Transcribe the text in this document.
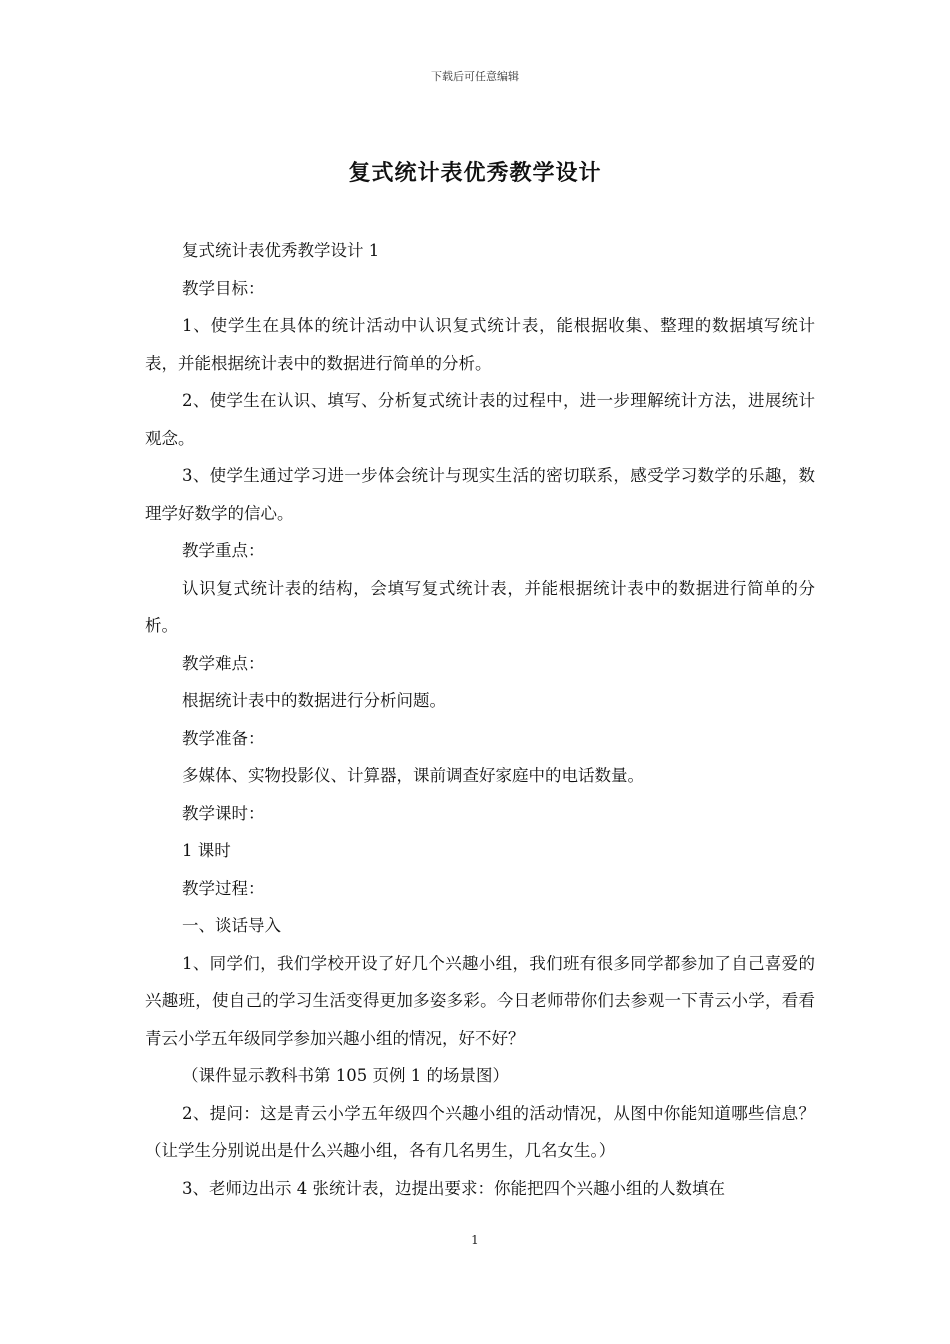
下载后可任意编辑
复式统计表优秀教学设计

复式统计表优秀教学设计 1

教学目标：

1、使学生在具体的统计活动中认识复式统计表，能根据收集、整理的数据填写统计表，并能根据统计表中的数据进行简单的分析。

2、使学生在认识、填写、分析复式统计表的过程中，进一步理解统计方法，进展统计观念。

3、使学生通过学习进一步体会统计与现实生活的密切联系，感受学习数学的乐趣，数理学好数学的信心。

教学重点：

认识复式统计表的结构，会填写复式统计表，并能根据统计表中的数据进行简单的分析。

教学难点：

根据统计表中的数据进行分析问题。

教学准备：

多媒体、实物投影仪、计算器，课前调查好家庭中的电话数量。

教学课时：

1 课时

教学过程：

一、谈话导入

1、同学们，我们学校开设了好几个兴趣小组，我们班有很多同学都参加了自己喜爱的兴趣班，使自己的学习生活变得更加多姿多彩。今日老师带你们去参观一下青云小学，看看青云小学五年级同学参加兴趣小组的情况，好不好？

（课件显示教科书第 105 页例 1 的场景图）

2、提问：这是青云小学五年级四个兴趣小组的活动情况，从图中你能知道哪些信息？（让学生分别说出是什么兴趣小组，各有几名男生，几名女生。）

3、老师边出示 4 张统计表，边提出要求：你能把四个兴趣小组的人数填在

1
